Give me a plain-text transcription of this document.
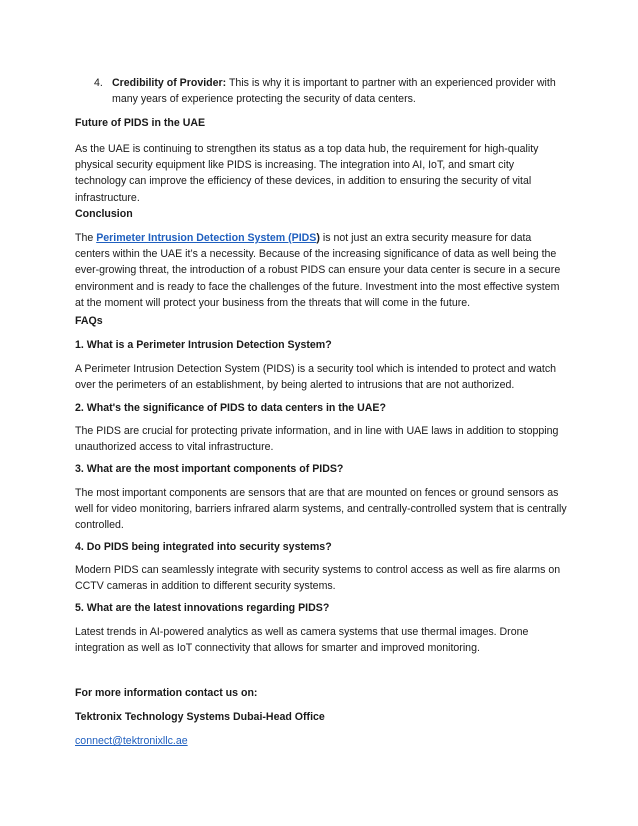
4. Credibility of Provider: This is why it is important to partner with an experienced provider with many years of experience protecting the security of data centers.

Future of PIDS in the UAE

As the UAE is continuing to strengthen its status as a top data hub, the requirement for high-quality physical security equipment like PIDS is increasing. The integration into AI, IoT, and smart city technology can improve the efficiency of these devices, in addition to ensuring the security of vital infrastructure.

Conclusion

The Perimeter Intrusion Detection System (PIDS) is not just an extra security measure for data centers within the UAE it’s a necessity. Because of the increasing significance of data as well being the ever-growing threat, the introduction of a robust PIDS can ensure your data center is secure in a secure environment and is ready to face the challenges of the future. Investment into the most effective system at the moment will protect your business from the threats that will come in the future.

FAQs

1. What is a Perimeter Intrusion Detection System?

A Perimeter Intrusion Detection System (PIDS) is a security tool which is intended to protect and watch over the perimeters of an establishment, by being alerted to intrusions that are not authorized.

2. What's the significance of PIDS to data centers in the UAE?

The PIDS are crucial for protecting private information, and in line with UAE laws in addition to stopping unauthorized access to vital infrastructure.

3. What are the most important components of PIDS?

The most important components are sensors that are that are mounted on fences or ground sensors as well for video monitoring, barriers infrared alarm systems, and centrally-controlled system that is centrally controlled.

4. Do PIDS being integrated into security systems?

Modern PIDS can seamlessly integrate with security systems to control access as well as fire alarms on CCTV cameras in addition to different security systems.

5. What are the latest innovations regarding PIDS?

Latest trends in AI-powered analytics as well as camera systems that use thermal images. Drone integration as well as IoT connectivity that allows for smarter and improved monitoring.

For more information contact us on:

Tektronix Technology Systems Dubai-Head Office

connect@tektronixllc.ae
